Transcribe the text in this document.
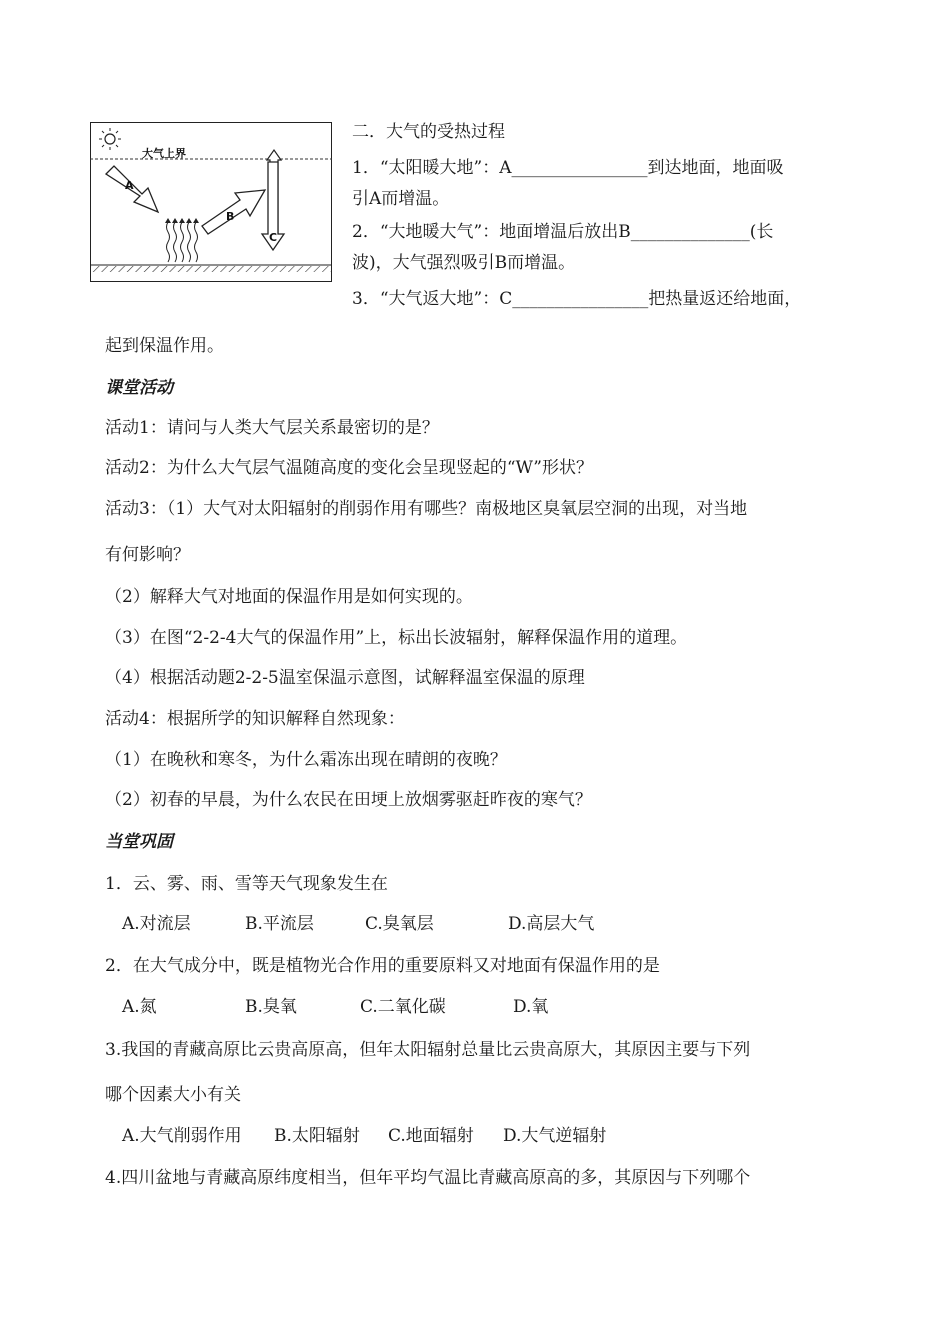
大气上界
A
B
C
二．大气的受热过程
1．“太阳暖大地”：A________________到达地面，地面吸
引A而增温。
2．“大地暖大气”：地面增温后放出B______________(长
波)，大气强烈吸引B而增温。
3．“大气返大地”：C________________把热量返还给地面，
起到保温作用。
课堂活动
活动1：请问与人类大气层关系最密切的是？
活动2：为什么大气层气温随高度的变化会呈现竖起的“W”形状？
活动3：（1）大气对太阳辐射的削弱作用有哪些？南极地区臭氧层空洞的出现，对当地
有何影响？
（2）解释大气对地面的保温作用是如何实现的。
（3）在图“2-2-4大气的保温作用”上，标出长波辐射，解释保温作用的道理。
（4）根据活动题2-2-5温室保温示意图，试解释温室保温的原理
活动4：根据所学的知识解释自然现象：
（1）在晚秋和寒冬，为什么霜冻出现在晴朗的夜晚？
（2）初春的早晨，为什么农民在田埂上放烟雾驱赶昨夜的寒气？
当堂巩固
1．云、雾、雨、雪等天气现象发生在
A.对流层	B.平流层	C.臭氧层	D.高层大气
2．在大气成分中，既是植物光合作用的重要原料又对地面有保温作用的是
A.氮	B.臭氧	C.二氧化碳	D.氧
3.我国的青藏高原比云贵高原高，但年太阳辐射总量比云贵高原大，其原因主要与下列
哪个因素大小有关
A.大气削弱作用 B.太阳辐射 C.地面辐射 D.大气逆辐射
4.四川盆地与青藏高原纬度相当，但年平均气温比青藏高原高的多，其原因与下列哪个
